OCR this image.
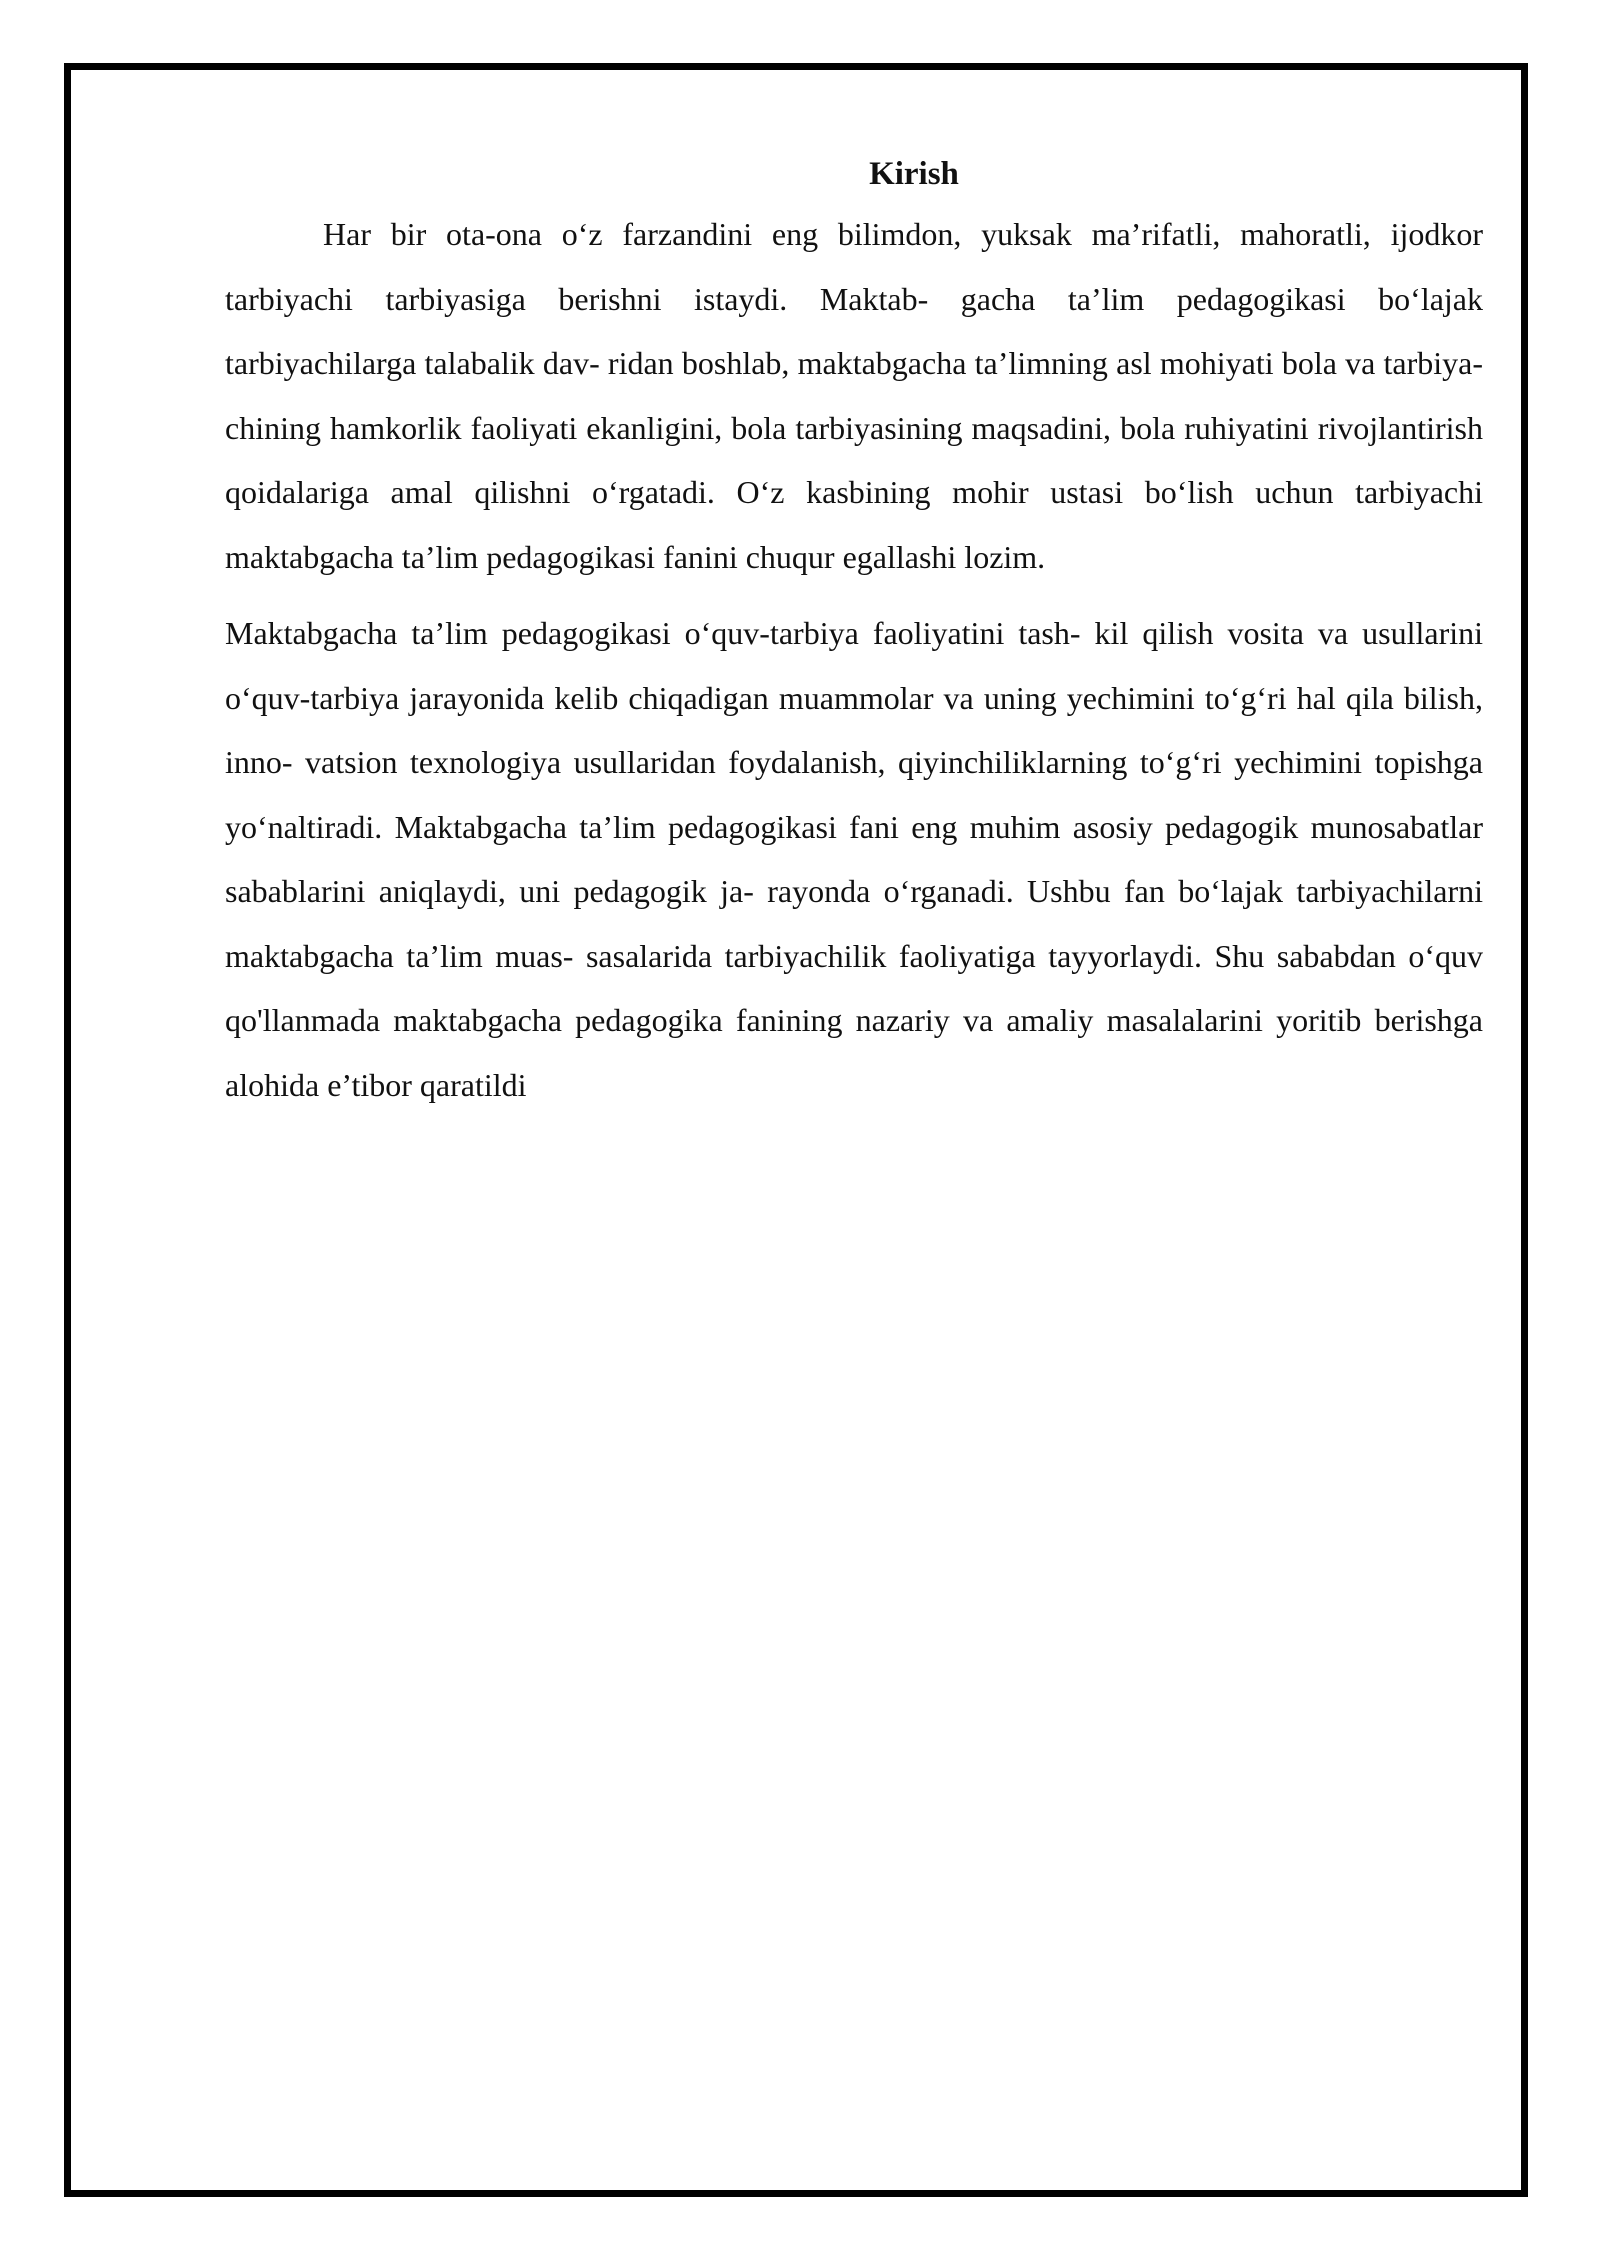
Kirish

Har bir ota-ona o‘z farzandini eng bilimdon, yuksak ma’rifatli, mahoratli, ijodkor tarbiyachi tarbiyasiga berishni istaydi. Maktab- gacha ta’lim pedagogikasi bo‘lajak tarbiyachilarga talabalik dav- ridan boshlab, maktabgacha ta’limning asl mohiyati bola va tarbiya- chining hamkorlik faoliyati ekanligini, bola tarbiyasining maqsadini, bola ruhiyatini rivojlantirish qoidalariga amal qilishni o‘rgatadi. O‘z kasbining mohir ustasi bo‘lish uchun tarbiyachi maktabgacha ta’lim pedagogikasi fanini chuqur egallashi lozim.

Maktabgacha ta’lim pedagogikasi o‘quv-tarbiya faoliyatini tash- kil qilish vosita va usullarini o‘quv-tarbiya jarayonida kelib chiqadigan muammolar va uning yechimini to‘g‘ri hal qila bilish, inno- vatsion texnologiya usullaridan foydalanish, qiyinchiliklarning to‘g‘ri yechimini topishga yo‘naltiradi. Maktabgacha ta’lim pedagogikasi fani eng muhim asosiy pedagogik munosabatlar sabablarini aniqlaydi, uni pedagogik ja- rayonda o‘rganadi. Ushbu fan bo‘lajak tarbiyachilarni maktabgacha ta’lim muas- sasalarida tarbiyachilik faoliyatiga tayyorlaydi. Shu sababdan o‘quv qo'llanmada maktabgacha pedagogika fanining nazariy va amaliy masalalarini yoritib berishga alohida e’tibor qaratildi
